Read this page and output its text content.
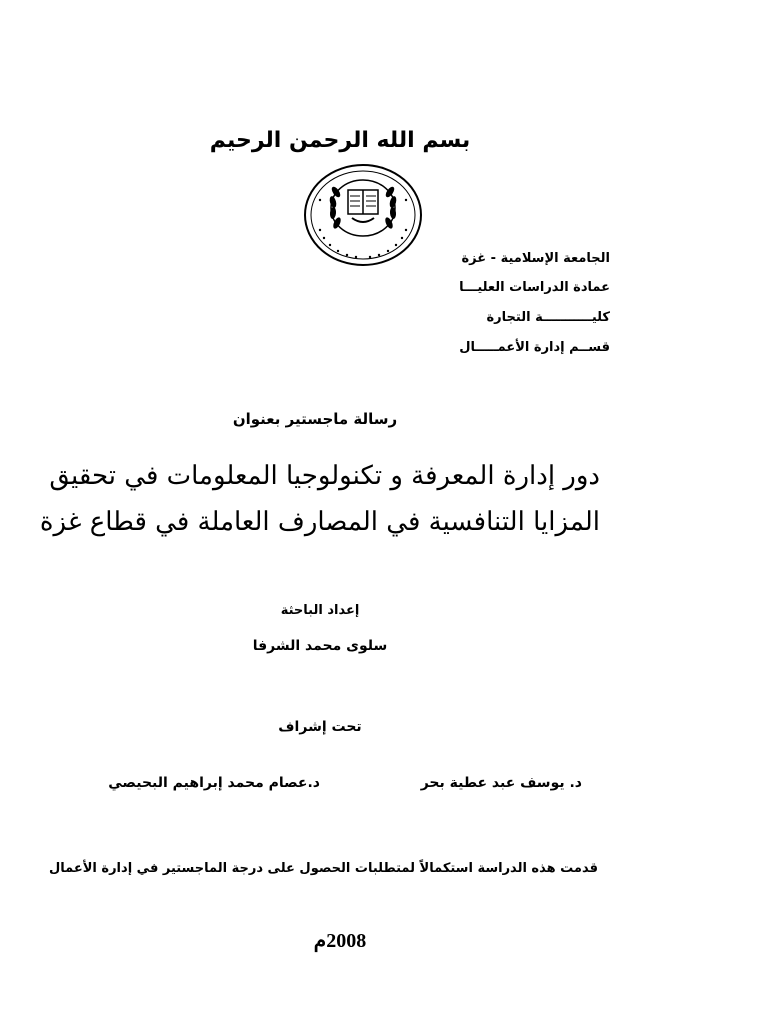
بسم الله الرحمن الرحيم
الجامعة الإسلامية - غزة
عمادة الدراسات العليـــا
كليـــــــــــة التجارة
قســم إدارة الأعمـــــال
رسالة ماجستير بعنوان
دور إدارة المعرفة و تكنولوجيا المعلومات في تحقيق
المزايا التنافسية في المصارف العاملة في قطاع غزة
إعداد الباحثة
سلوى محمد الشرفا
تحت إشراف
د. يوسف عبد عطية بحر
د.عصام محمد إبراهيم البحيصي
قدمت هذه الدراسة استكمالاً لمتطلبات الحصول على درجة الماجستير في إدارة الأعمال
2008م
